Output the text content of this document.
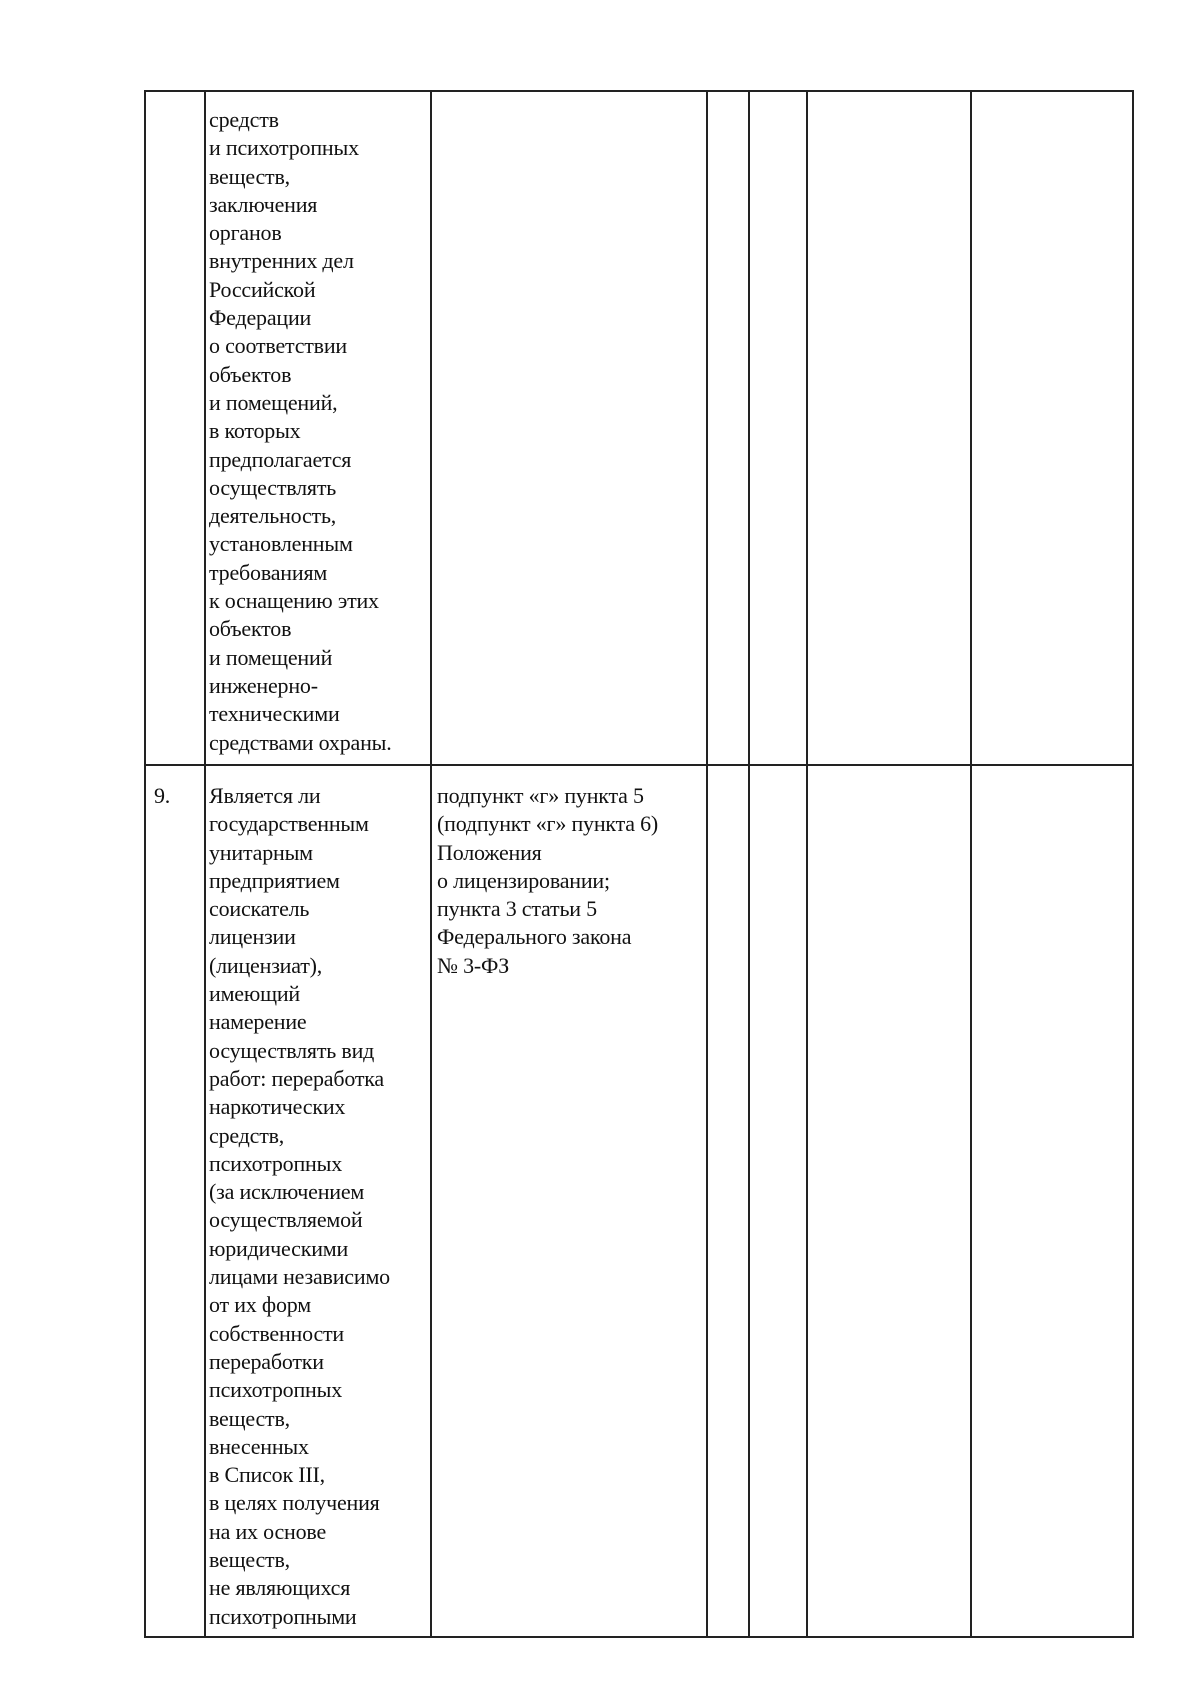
средств
и психотропных
веществ,
заключения
органов
внутренних дел
Российской
Федерации
о соответствии
объектов
и помещений,
в которых
предполагается
осуществлять
деятельность,
установленным
требованиям
к оснащению этих
объектов
и помещений
инженерно-
техническими
средствами охраны.
9. Является ли
государственным
унитарным
предприятием
соискатель
лицензии
(лицензиат),
имеющий
намерение
осуществлять вид
работ: переработка
наркотических
средств,
психотропных
(за исключением
осуществляемой
юридическими
лицами независимо
от их форм
собственности
переработки
психотропных
веществ,
внесенных
в Список III,
в целях получения
на их основе
веществ,
не являющихся
психотропными
подпункт «г» пункта 5
(подпункт «г» пункта 6)
Положения
о лицензировании;
пункта 3 статьи 5
Федерального закона
№ 3-ФЗ
